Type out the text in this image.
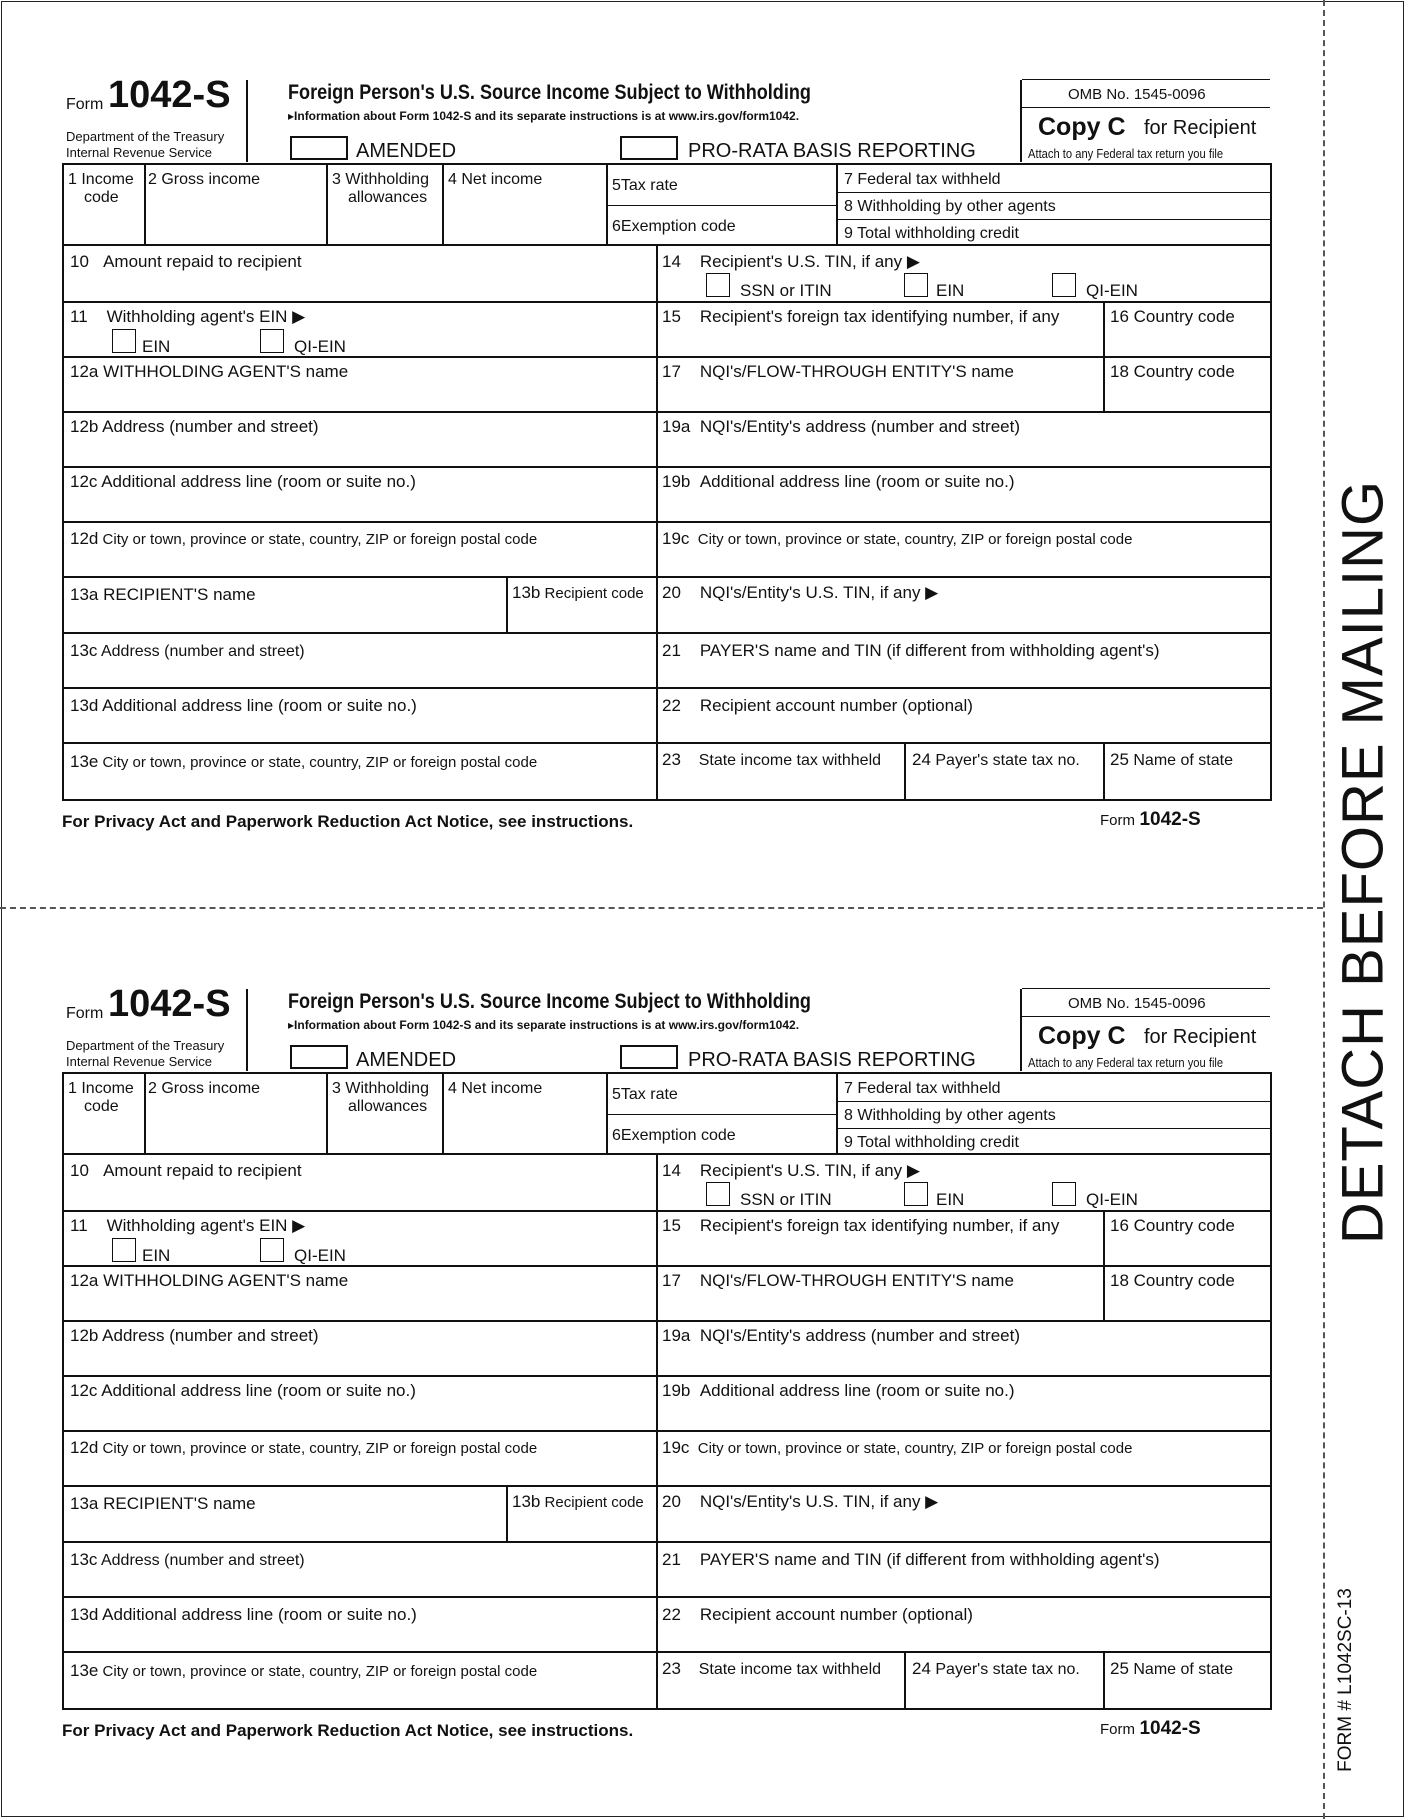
DETACH BEFORE MAILING
FORM # L1042SC-13
Form 1042-S
Department of the Treasury
Internal Revenue Service
Foreign Person's U.S. Source Income Subject to Withholding
▸Information about Form 1042-S and its separate instructions is at www.irs.gov/form1042.
AMENDED	PRO-RATA BASIS REPORTING
OMB No. 1545-0096
Copy C for Recipient
Attach to any Federal tax return you file
1 Income
code
2 Gross income	3 Withholding
allowances
4 Net income	5Tax rate
6Exemption code
7 Federal tax withheld
8 Withholding by other agents
9 Total withholding credit
10 Amount repaid to recipient
11 Withholding agent's EIN ▶
EIN	QI-EIN
12a WITHHOLDING AGENT'S name
12b Address (number and street)
12c Additional address line (room or suite no.)
12d City or town, province or state, country, ZIP or foreign postal code
13a RECIPIENT'S name	13b Recipient code
13c Address (number and street)
13d Additional address line (room or suite no.)
13e City or town, province or state, country, ZIP or foreign postal code
14 Recipient's U.S. TIN, if any ▶
SSN or ITIN	EIN	QI-EIN
15 Recipient's foreign tax identifying number, if any	16 Country code
17 NQI's/FLOW-THROUGH ENTITY'S name	18 Country code
19a NQI's/Entity's address (number and street)
19b Additional address line (room or suite no.)
19c City or town, province or state, country, ZIP or foreign postal code
20 NQI's/Entity's U.S. TIN, if any ▶
21 PAYER'S name and TIN (if different from withholding agent's)
22 Recipient account number (optional)
23 State income tax withheld 24 Payer's state tax no. 25 Name of state
For Privacy Act and Paperwork Reduction Act Notice, see instructions.	Form 1042-S
Form 1042-S
Department of the Treasury
Internal Revenue Service
Foreign Person's U.S. Source Income Subject to Withholding
▸Information about Form 1042-S and its separate instructions is at www.irs.gov/form1042.
AMENDED	PRO-RATA BASIS REPORTING
OMB No. 1545-0096
Copy C for Recipient
Attach to any Federal tax return you file
1 Income
code
2 Gross income	3 Withholding
allowances
4 Net income	5Tax rate
6Exemption code
7 Federal tax withheld
8 Withholding by other agents
9 Total withholding credit
10 Amount repaid to recipient
11 Withholding agent's EIN ▶
EIN	QI-EIN
12a WITHHOLDING AGENT'S name
12b Address (number and street)
12c Additional address line (room or suite no.)
12d City or town, province or state, country, ZIP or foreign postal code
13a RECIPIENT'S name	13b Recipient code
13c Address (number and street)
13d Additional address line (room or suite no.)
13e City or town, province or state, country, ZIP or foreign postal code
14 Recipient's U.S. TIN, if any ▶
SSN or ITIN	EIN	QI-EIN
15 Recipient's foreign tax identifying number, if any	16 Country code
17 NQI's/FLOW-THROUGH ENTITY'S name	18 Country code
19a NQI's/Entity's address (number and street)
19b Additional address line (room or suite no.)
19c City or town, province or state, country, ZIP or foreign postal code
20 NQI's/Entity's U.S. TIN, if any ▶
21 PAYER'S name and TIN (if different from withholding agent's)
22 Recipient account number (optional)
23 State income tax withheld 24 Payer's state tax no. 25 Name of state
For Privacy Act and Paperwork Reduction Act Notice, see instructions.	Form 1042-S
